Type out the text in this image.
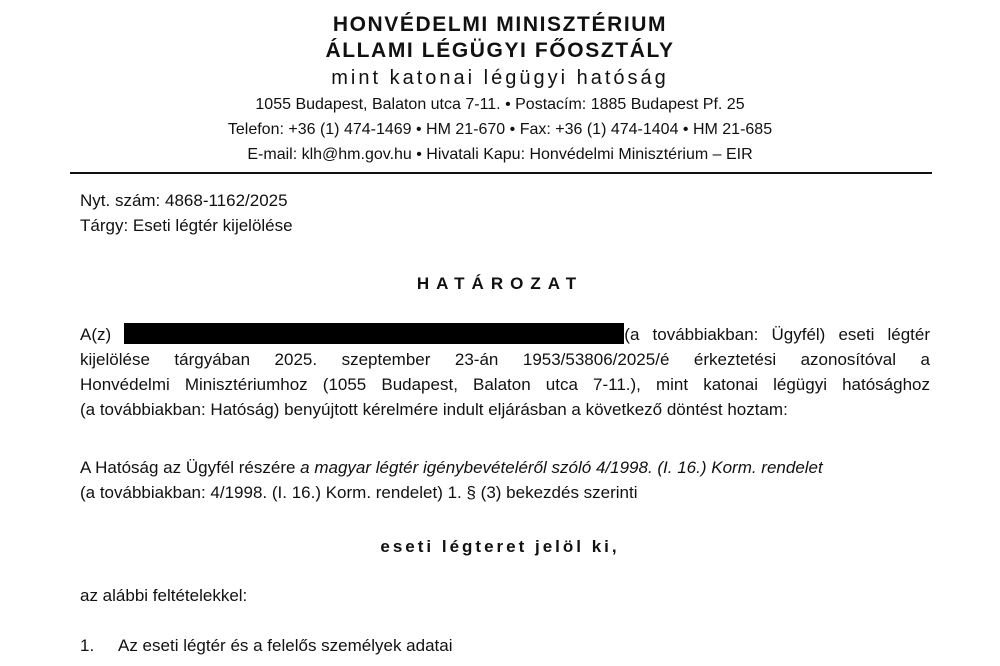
HONVÉDELMI MINISZTÉRIUM
ÁLLAMI LÉGÜGYI FŐOSZTÁLY
mint katonai légügyi hatóság
1055 Budapest, Balaton utca 7-11. • Postacím: 1885 Budapest Pf. 25
Telefon: +36 (1) 474-1469 • HM 21-670 • Fax: +36 (1) 474-1404 • HM 21-685
E-mail: klh@hm.gov.hu • Hivatali Kapu: Honvédelmi Minisztérium – EIR
Nyt. szám: 4868-1162/2025
Tárgy: Eseti légtér kijelölése
HATÁROZAT
A(z)	(a továbbiakban: Ügyfél) eseti légtér
kijelölése tárgyában 2025. szeptember 23-án 1953/53806/2025/é érkeztetési azonosítóval a
Honvédelmi Minisztériumhoz (1055 Budapest, Balaton utca 7-11.), mint katonai légügyi hatósághoz
(a továbbiakban: Hatóság) benyújtott kérelmére indult eljárásban a következő döntést hoztam:
A Hatóság az Ügyfél részére a magyar légtér igénybevételéről szóló 4/1998. (I. 16.) Korm. rendelet
(a továbbiakban: 4/1998. (I. 16.) Korm. rendelet) 1. § (3) bekezdés szerinti
eseti légteret jelöl ki,
az alábbi feltételekkel:
1. Az eseti légtér és a felelős személyek adatai
